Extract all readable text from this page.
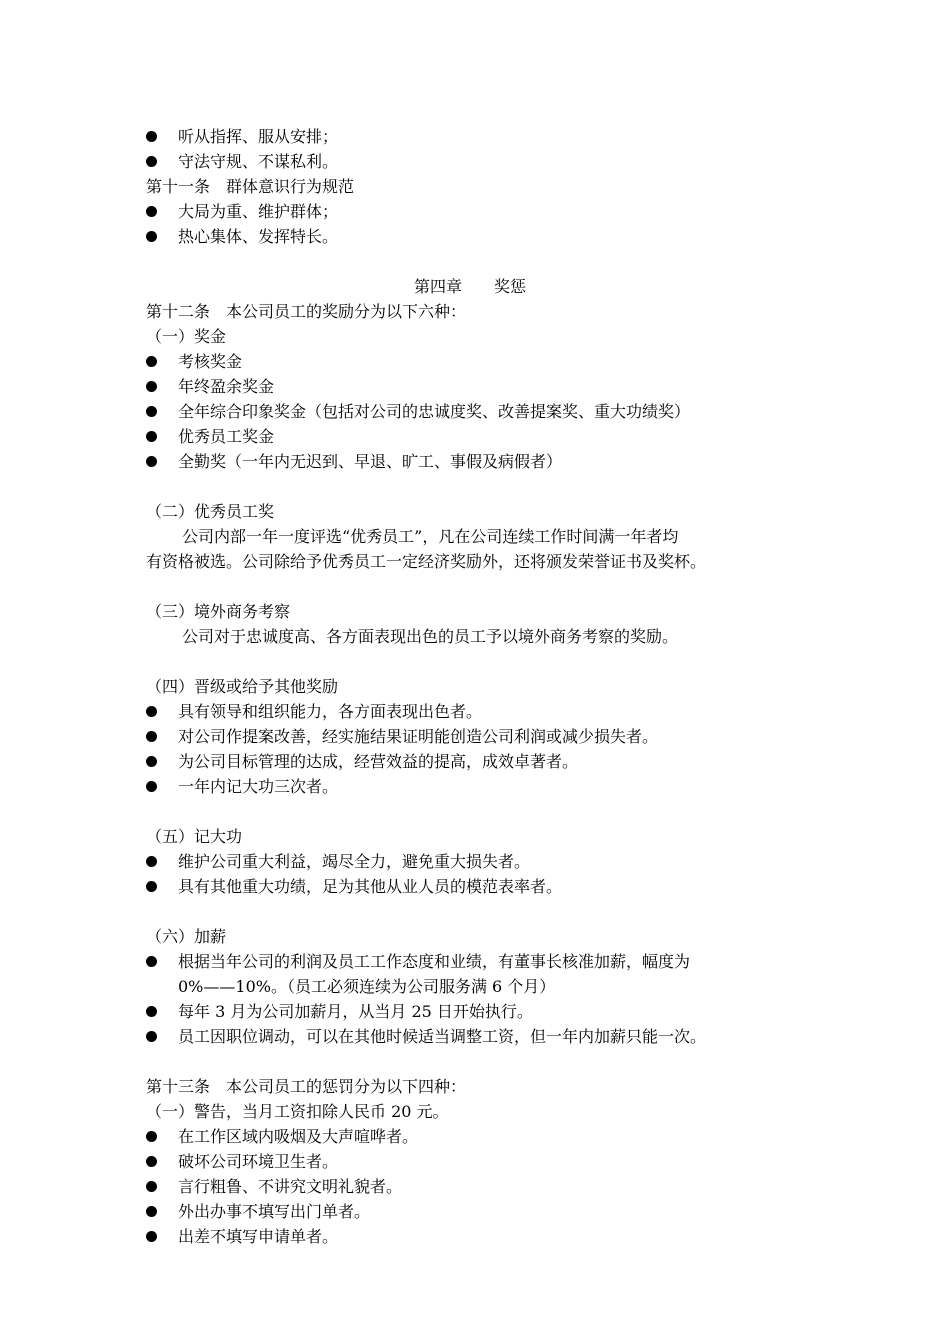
听从指挥、服从安排；
守法守规、不谋私利。
第十一条　群体意识行为规范
大局为重、维护群体；
热心集体、发挥特长。
第四章　　奖惩
第十二条　本公司员工的奖励分为以下六种：
（一）奖金
考核奖金
年终盈余奖金
全年综合印象奖金（包括对公司的忠诚度奖、改善提案奖、重大功绩奖）
优秀员工奖金
全勤奖（一年内无迟到、早退、旷工、事假及病假者）
（二）优秀员工奖
公司内部一年一度评选“优秀员工”，凡在公司连续工作时间满一年者均
有资格被选。公司除给予优秀员工一定经济奖励外，还将颁发荣誉证书及奖杯。
（三）境外商务考察
公司对于忠诚度高、各方面表现出色的员工予以境外商务考察的奖励。
（四）晋级或给予其他奖励
具有领导和组织能力，各方面表现出色者。
对公司作提案改善，经实施结果证明能创造公司利润或减少损失者。
为公司目标管理的达成，经营效益的提高，成效卓著者。
一年内记大功三次者。
（五）记大功
维护公司重大利益，竭尽全力，避免重大损失者。
具有其他重大功绩，足为其他从业人员的模范表率者。
（六）加薪
根据当年公司的利润及员工工作态度和业绩，有董事长核准加薪，幅度为
0%——10%。（员工必须连续为公司服务满 6 个月）
每年 3 月为公司加薪月，从当月 25 日开始执行。
员工因职位调动，可以在其他时候适当调整工资，但一年内加薪只能一次。
第十三条　本公司员工的惩罚分为以下四种：
（一）警告，当月工资扣除人民币 20 元。
在工作区域内吸烟及大声喧哗者。
破坏公司环境卫生者。
言行粗鲁、不讲究文明礼貌者。
外出办事不填写出门单者。
出差不填写申请单者。
